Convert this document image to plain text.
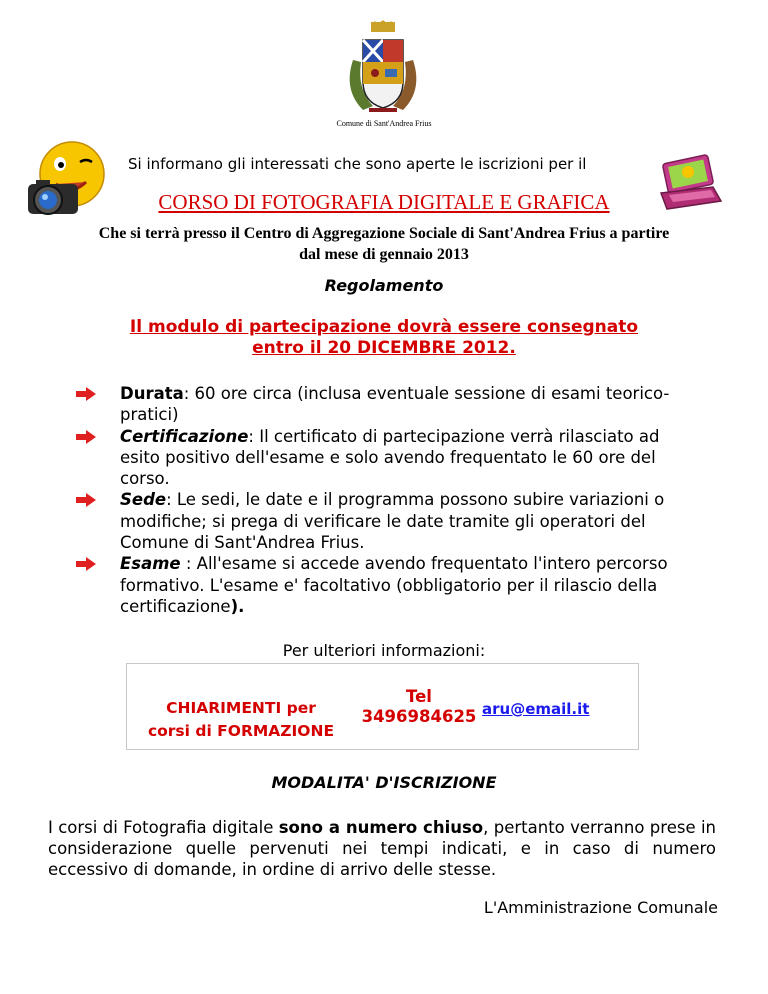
Comune di Sant'Andrea Frius

Si informano gli interessati che sono aperte le iscrizioni per il
CORSO DI FOTOGRAFIA DIGITALE E GRAFICA
Che si terrà presso il Centro di Aggregazione Sociale di Sant'Andrea Frius a partire
dal mese di gennaio 2013
Regolamento
Il modulo di partecipazione dovrà essere consegnato
entro il 20 DICEMBRE 2012.

Durata: 60 ore circa (inclusa eventuale sessione di esami teorico-pratici)

Certificazione: Il certificato di partecipazione verrà rilasciato ad esito positivo dell'esame e solo avendo frequentato le 60 ore del corso.

Sede: Le sedi, le date e il programma possono subire variazioni o modifiche; si prega di verificare le date tramite gli operatori del Comune di Sant'Andrea Frius.

Esame : All'esame si accede avendo frequentato l'intero percorso formativo. L'esame e' facoltativo (obbligatorio per il rilascio della certificazione).

Per ulteriori informazioni:
CHIARIMENTI per
corsi di FORMAZIONE
Tel
3496984625 aru@email.it
MODALITA' D'ISCRIZIONE
I corsi di Fotografia digitale sono a numero chiuso, pertanto verranno prese in considerazione quelle pervenuti nei tempi indicati, e in caso di numero eccessivo di domande, in ordine di arrivo delle stesse.
L'Amministrazione Comunale
